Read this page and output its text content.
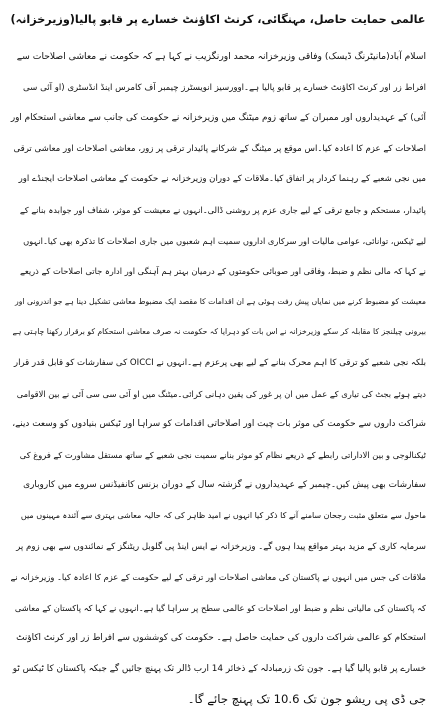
عالمی حمایت حاصل، مہنگائی، کرنٹ اکاؤنٹ خسارے پر قابو پالیا(وزیرخزانہ)
اسلام آباد(مانیٹرنگ ڈیسک) وفاقی وزیرخزانہ محمد اورنگزیب نے کہا ہے کہ حکومت نے معاشی اصلاحات سے
افراط زر اور کرنٹ اکاؤنٹ خسارے پر قابو پالیا ہے۔اوورسیز انویسٹرز چیمبر آف کامرس اینڈ انڈسٹری (او آئی سی
آئی) کے عہدیداروں اور ممبران کے ساتھ زوم میٹنگ میں وزیرخزانہ نے حکومت کی جانب سے معاشی استحکام اور
اصلاحات کے عزم کا اعادہ کیا۔اس موقع پر میٹنگ کے شرکانے پائیدار ترقی پر زور، معاشی اصلاحات اور معاشی ترقی
میں نجی شعبے کے رہنما کردار پر اتفاق کیا۔ملاقات کے دوران وزیرخزانہ نے حکومت کے معاشی اصلاحات ایجنڈے اور
پائیدار، مستحکم و جامع ترقی کے لیے جاری عزم پر روشنی ڈالی۔انہوں نے معیشت کو موثر، شفاف اور جوابدہ بنانے کے
لیے ٹیکس، توانائی، عوامی مالیات اور سرکاری اداروں سمیت اہم شعبوں میں جاری اصلاحات کا تذکرہ بھی کیا۔انہوں
نے کہا کہ مالی نظم و ضبط، وفاقی اور صوبائی حکومتوں کے درمیان بہتر ہم آہنگی اور ادارہ جاتی اصلاحات کے ذریعے
معیشت کو مضبوط کرنے میں نمایاں پیش رفت ہوئی ہے ان اقدامات کا مقصد ایک مضبوط معاشی تشکیل دینا ہے جو اندرونی اور
بیرونی چیلنجز کا مقابلہ کر سکے وزیرخزانہ نے اس بات کو دہرایا کہ حکومت نہ صرف معاشی استحکام کو برقرار رکھنا چاہتی ہے
بلکہ نجی شعبے کو ترقی کا اہم محرک بنانے کے لیے بھی پرعزم ہے۔انہوں نے OICCI کی سفارشات کو قابل قدر قرار
دیتے ہوئے بجٹ کی تیاری کے عمل میں ان پر غور کی یقین دہانی کرائی۔میٹنگ میں او آئی سی سی آئی نے بین الاقوامی
شراکت داروں سے حکومت کی موثر بات چیت اور اصلاحاتی اقدامات کو سراہا اور ٹیکس بنیادوں کو وسعت دینے،
ٹیکنالوجی و بین الاداراتی رابطے کے ذریعے نظام کو موثر بنانے سمیت نجی شعبے کے ساتھ مستقل مشاورت کے فروغ کی
سفارشات بھی پیش کیں۔چیمبر کے عہدیداروں نے گزشتہ سال کے دوران بزنس کانفیڈنس سروے میں کاروباری
ماحول سے متعلق مثبت رجحان سامنے آنے کا ذکر کیا انہوں نے امید ظاہر کی کہ حالیہ معاشی بہتری سے آئندہ مہینوں میں
سرمایہ کاری کے مزید بہتر مواقع پیدا ہوں گے۔ وزیرخزانہ نے ایس اینڈ پی گلوبل ریٹنگز کے نمائندوں سے بھی زوم پر
ملاقات کی جس میں انہوں نے پاکستان کی معاشی اصلاحات اور ترقی کے لیے حکومت کے عزم کا اعادہ کیا۔ وزیرخزانہ نے
کہ پاکستان کی مالیاتی نظم و ضبط اور اصلاحات کو عالمی سطح پر سراہا گیا ہے۔انہوں نے کہا کہ پاکستان کے معاشی
استحکام کو عالمی شراکت داروں کی حمایت حاصل ہے۔ حکومت کی کوششوں سے افراط زر اور کرنٹ اکاؤنٹ
خسارے پر قابو پالیا گیا ہے۔ جون تک زرمبادلہ کے ذخائر 14 ارب ڈالر تک پہنچ جائیں گے جبکہ پاکستان کا ٹیکس ٹو
جی ڈی پی ریشو جون تک 10.6 تک پہنچ جائے گا۔
